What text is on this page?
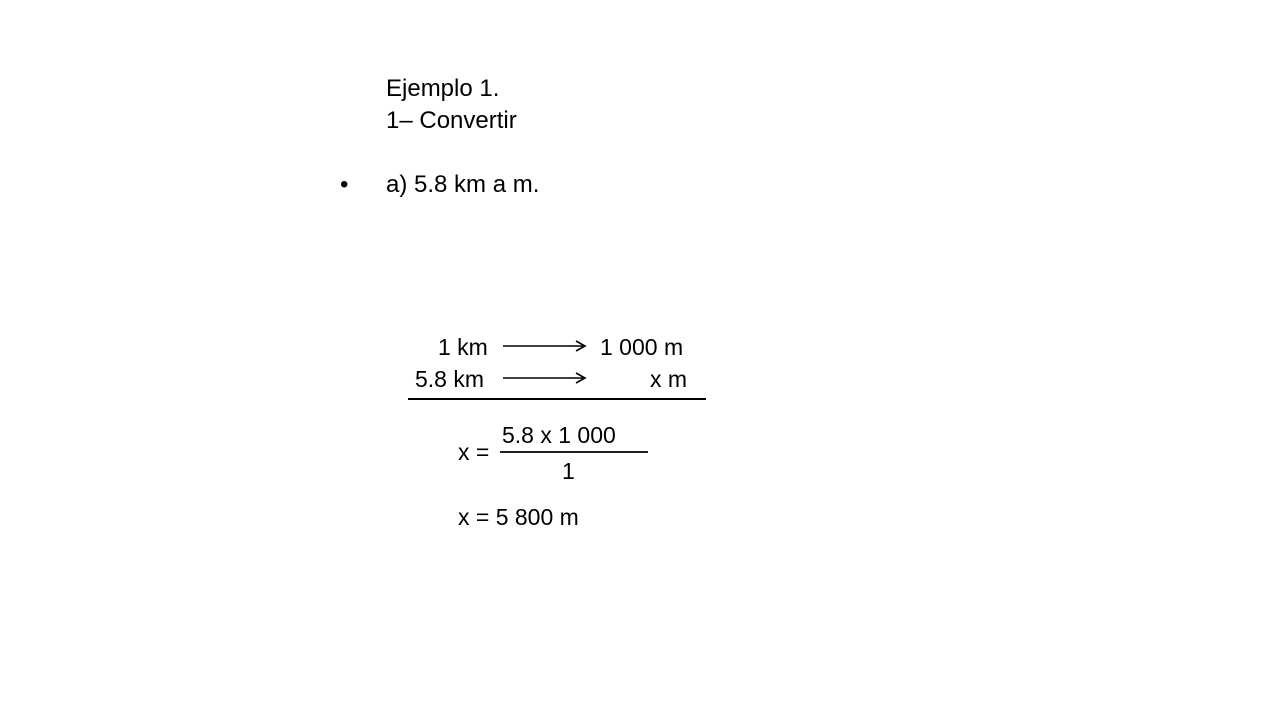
Ejemplo 1.
1– Convertir
• a) 5.8 km a m.
1 km	1 000 m
5.8 km	x m
x =
5.8 x 1 000
1
x = 5 800 m
